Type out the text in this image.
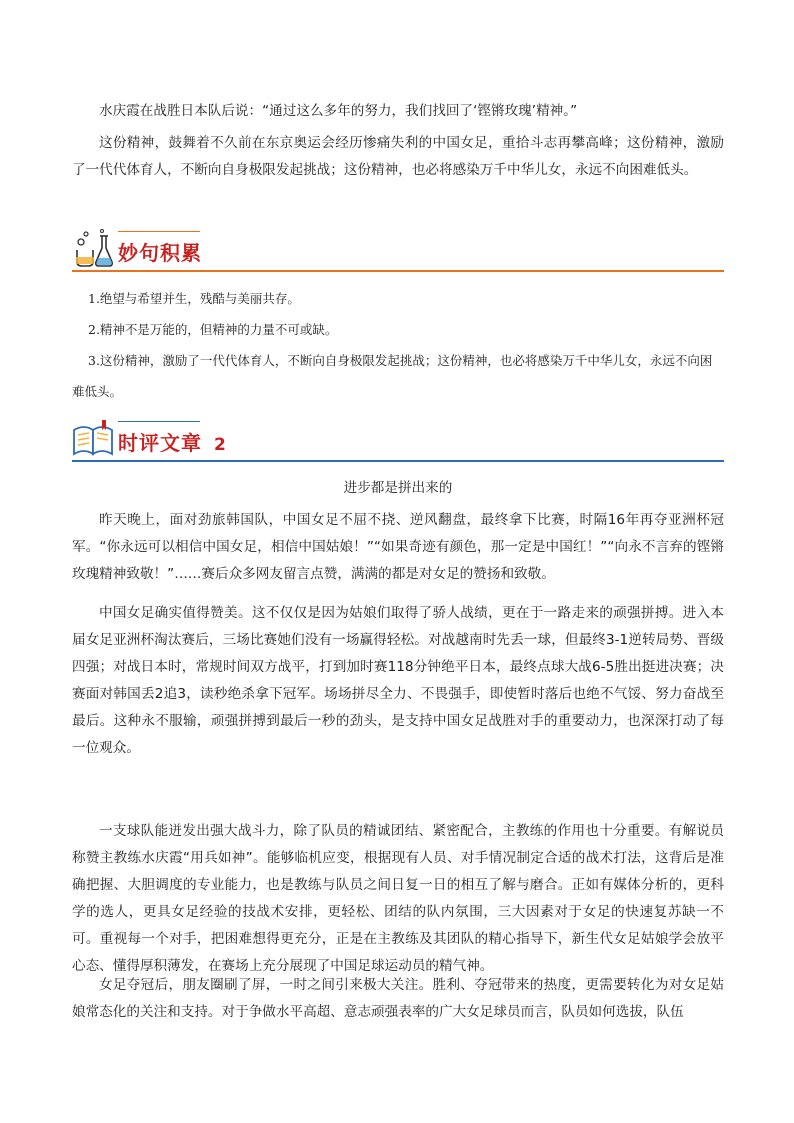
水庆霞在战胜日本队后说：“通过这么多年的努力，我们找回了‘铿锵玫瑰’精神。”

这份精神，鼓舞着不久前在东京奥运会经历惨痛失利的中国女足，重拾斗志再攀高峰；这份精神，激励了一代代体育人，不断向自身极限发起挑战；这份精神，也必将感染万千中华儿女，永远不向困难低头。

妙句积累

1.绝望与希望并生，残酷与美丽共存。

2.精神不是万能的，但精神的力量不可或缺。

3.这份精神，激励了一代代体育人，不断向自身极限发起挑战；这份精神，也必将感染万千中华儿女，永远不向困难低头。

时评文章 2
进步都是拼出来的

昨天晚上，面对劲旅韩国队，中国女足不屈不挠、逆风翻盘，最终拿下比赛，时隔16年再夺亚洲杯冠军。“你永远可以相信中国女足，相信中国姑娘！”“如果奇迹有颜色，那一定是中国红！”“向永不言弃的铿锵玫瑰精神致敬！”……赛后众多网友留言点赞，满满的都是对女足的赞扬和致敬。

中国女足确实值得赞美。这不仅仅是因为姑娘们取得了骄人战绩，更在于一路走来的顽强拼搏。进入本届女足亚洲杯淘汰赛后，三场比赛她们没有一场赢得轻松。对战越南时先丢一球，但最终3-1逆转局势、晋级四强；对战日本时，常规时间双方战平，打到加时赛118分钟绝平日本，最终点球大战6-5胜出挺进决赛；决赛面对韩国丢2追3，读秒绝杀拿下冠军。场场拼尽全力、不畏强手，即使暂时落后也绝不气馁、努力奋战至最后。这种永不服输，顽强拼搏到最后一秒的劲头，是支持中国女足战胜对手的重要动力，也深深打动了每一位观众。

一支球队能迸发出强大战斗力，除了队员的精诚团结、紧密配合，主教练的作用也十分重要。有解说员称赞主教练水庆霞“用兵如神”。能够临机应变，根据现有人员、对手情况制定合适的战术打法，这背后是准确把握、大胆调度的专业能力，也是教练与队员之间日复一日的相互了解与磨合。正如有媒体分析的，更科学的选人，更具女足经验的技战术安排，更轻松、团结的队内氛围，三大因素对于女足的快速复苏缺一不可。重视每一个对手，把困难想得更充分，正是在主教练及其团队的精心指导下，新生代女足姑娘学会放平心态、懂得厚积薄发，在赛场上充分展现了中国足球运动员的精气神。

女足夺冠后，朋友圈刷了屏，一时之间引来极大关注。胜利、夺冠带来的热度，更需要转化为对女足姑娘常态化的关注和支持。对于争做水平高超、意志顽强表率的广大女足球员而言，队员如何选拔，队伍
